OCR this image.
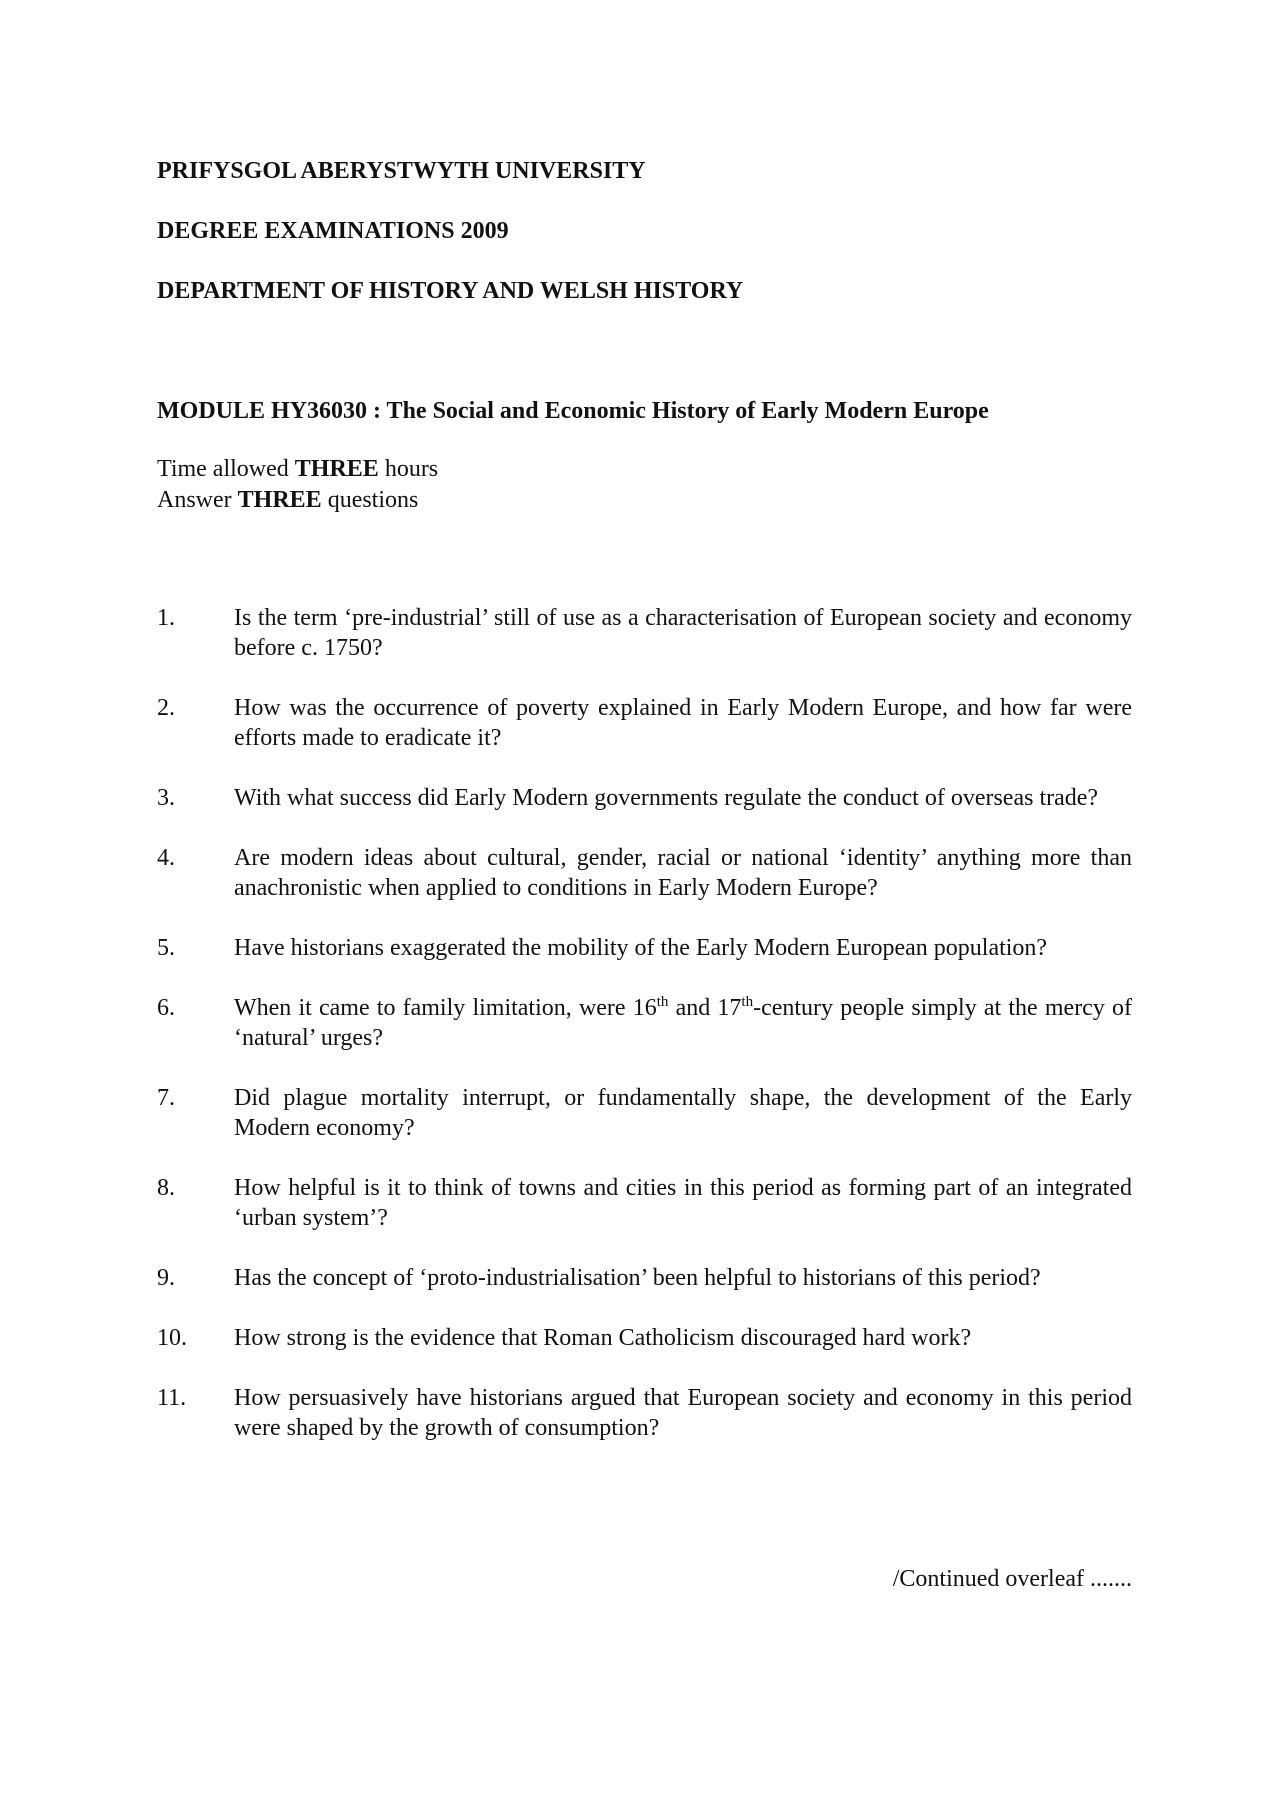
PRIFYSGOL ABERYSTWYTH UNIVERSITY
DEGREE EXAMINATIONS 2009
DEPARTMENT OF HISTORY AND WELSH HISTORY
MODULE HY36030 : The Social and Economic History of Early Modern Europe
Time allowed THREE hours
Answer THREE questions
1.	Is the term ‘pre-industrial’ still of use as a characterisation of European society and economy before c. 1750?
2.	How was the occurrence of poverty explained in Early Modern Europe, and how far were efforts made to eradicate it?
3.	With what success did Early Modern governments regulate the conduct of overseas trade?
4.	Are modern ideas about cultural, gender, racial or national ‘identity’ anything more than anachronistic when applied to conditions in Early Modern Europe?
5.	Have historians exaggerated the mobility of the Early Modern European population?
6.	When it came to family limitation, were 16th and 17th-century people simply at the mercy of ‘natural’ urges?
7.	Did plague mortality interrupt, or fundamentally shape, the development of the Early Modern economy?
8.	How helpful is it to think of towns and cities in this period as forming part of an integrated ‘urban system’?
9.	Has the concept of ‘proto-industrialisation’ been helpful to historians of this period?
10.	How strong is the evidence that Roman Catholicism discouraged hard work?
11.	How persuasively have historians argued that European society and economy in this period were shaped by the growth of consumption?
/Continued overleaf .......
